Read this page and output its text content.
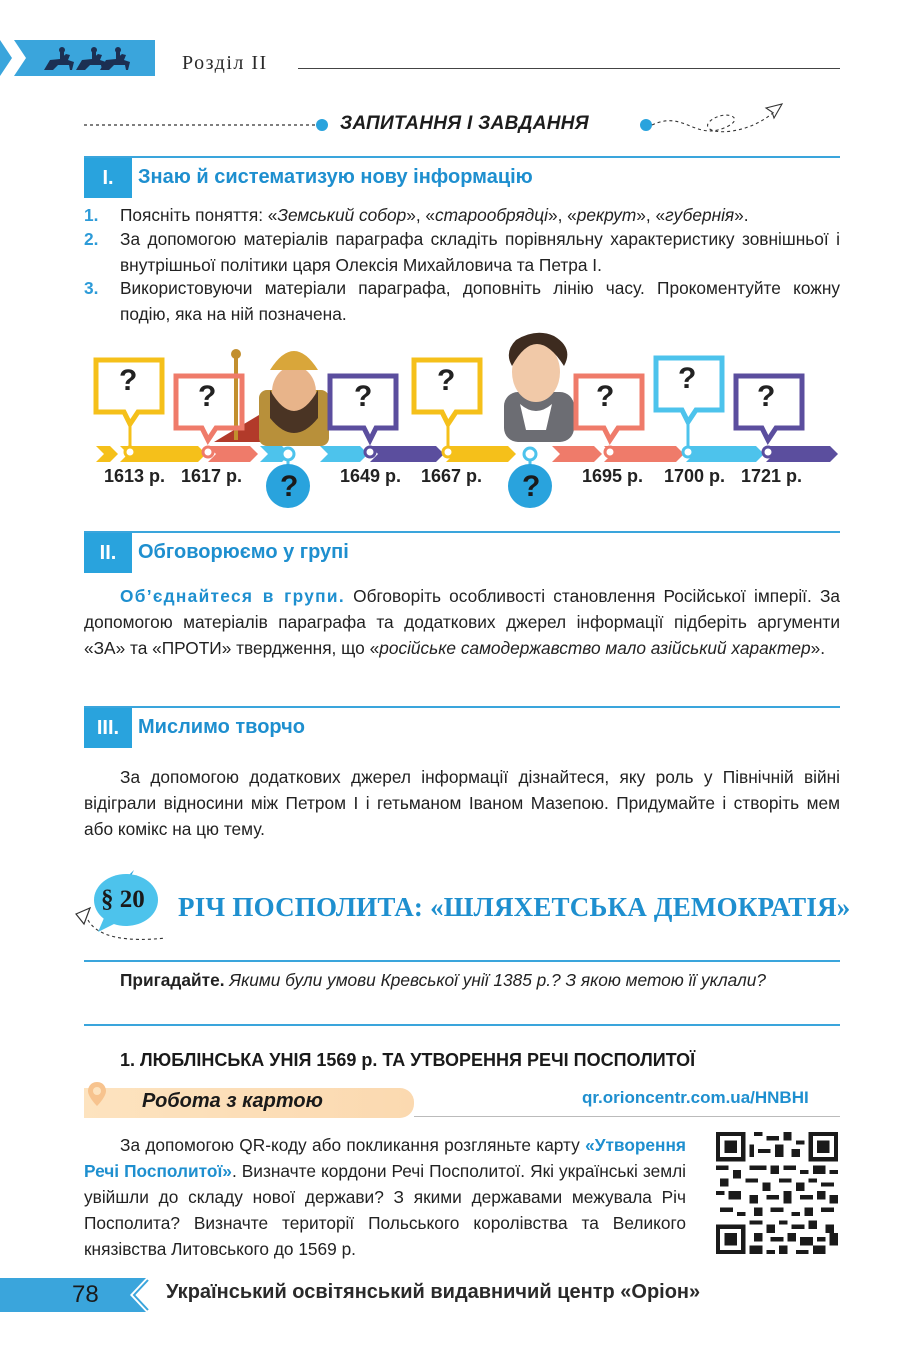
Розділ II
ЗАПИТАННЯ І ЗАВДАННЯ
I.	Знаю й систематизую нову інформацію
1. Поясніть поняття: «Земський собор», «старообрядці», «рекрут», «губернія».
2. За допомогою матеріалів параграфа складіть порівняльну характеристику зовнішньої і внутрішньої політики царя Олексія Михайловича та Петра І.
3. Використовуючи матеріали параграфа, доповніть лінію часу. Прокоментуйте кожну подію, яка на ній позначена.
? ?	? ?	?
?
?
?	?
1613 р. 1617 р.	1649 р. 1667 р.	1695 р. 1700 р. 1721 р.
II.	Обговорюємо у групі
Об’єднайтеся в групи. Обговоріть особливості становлення Російської імперії. За допомогою матеріалів параграфа та додаткових джерел інформації підберіть аргументи «ЗА» та «ПРОТИ» твердження, що «російське самодержавство мало азійський характер».
III. Мислимо творчо
За допомогою додаткових джерел інформації дізнайтеся, яку роль у Північній війні відіграли відносини між Петром І і гетьманом Іваном Мазепою. Придумайте і створіть мем або комікс на цю тему.
§ 20 РІЧ ПОСПОЛИТА: «ШЛЯХЕТСЬКА ДЕМОКРАТІЯ»
Пригадайте. Якими були умови Кревської унії 1385 р.? З якою метою її уклали?
1. ЛЮБЛІНСЬКА УНІЯ 1569 р. ТА УТВОРЕННЯ РЕЧІ ПОСПОЛИТОЇ
Робота з картою	qr.orioncentr.com.ua/HNBHI
За допомогою QR-коду або покликання розгляньте карту «Утворення Речі Посполитої». Визначте кордони Речі Посполитої. Які українські землі увійшли до складу нової держави? З якими державами межувала Річ Посполита? Визначте території Польського королівства та Великого князівства Литовського до 1569 р.
78	Український освітянський видавничий центр «Оріон»
